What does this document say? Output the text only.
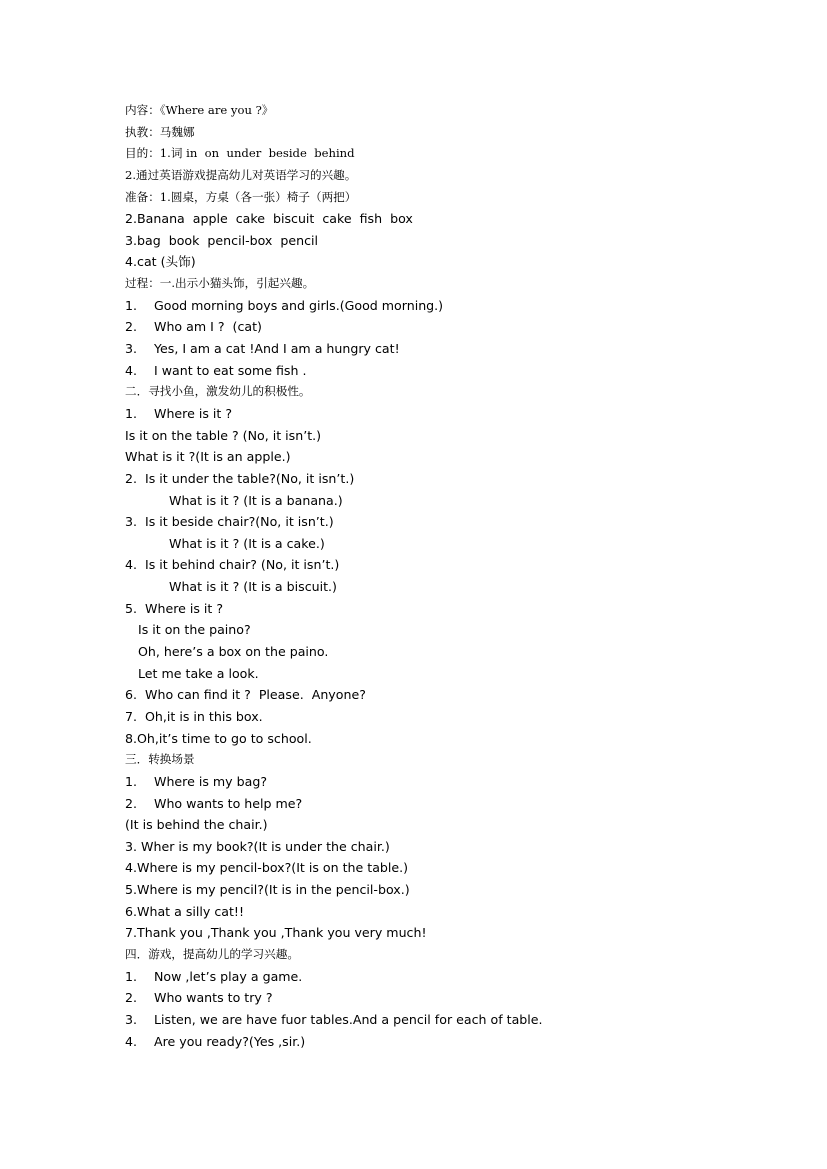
内容：《Where are you ?》
执教：马魏娜
目的：1.词 in  on  under  beside  behind
2.通过英语游戏提高幼儿对英语学习的兴趣。
准备：1.圆桌，方桌（各一张）椅子（两把）
2.Banana  apple  cake  biscuit  cake  fish  box
3.bag  book  pencil-box  pencil
4.cat (头饰)
过程：一.出示小猫头饰，引起兴趣。
1. Good morning boys and girls.(Good morning.)
2. Who am I ?  (cat)
3. Yes, I am a cat !And I am a hungry cat!
4. I want to eat some fish .
二．寻找小鱼，激发幼儿的积极性。
1. Where is it ?
Is it on the table ? (No, it isn’t.)
What is it ?(It is an apple.)
2.  Is it under the table?(No, it isn’t.)
What is it ? (It is a banana.)
3.  Is it beside chair?(No, it isn’t.)
What is it ? (It is a cake.)
4.  Is it behind chair? (No, it isn’t.)
What is it ? (It is a biscuit.)
5.  Where is it ?
Is it on the paino?
Oh, here’s a box on the paino.
Let me take a look.
6.  Who can find it ?  Please.  Anyone?
7.  Oh,it is in this box.
8.Oh,it’s time to go to school.
三．转换场景
1. Where is my bag?
2. Who wants to help me?
(It is behind the chair.)
3. Wher is my book?(It is under the chair.)
4.Where is my pencil-box?(It is on the table.)
5.Where is my pencil?(It is in the pencil-box.)
6.What a silly cat!!
7.Thank you ,Thank you ,Thank you very much!
四．游戏，提高幼儿的学习兴趣。
1. Now ,let’s play a game.
2. Who wants to try ?
3. Listen, we are have fuor tables.And a pencil for each of table.
4. Are you ready?(Yes ,sir.)
